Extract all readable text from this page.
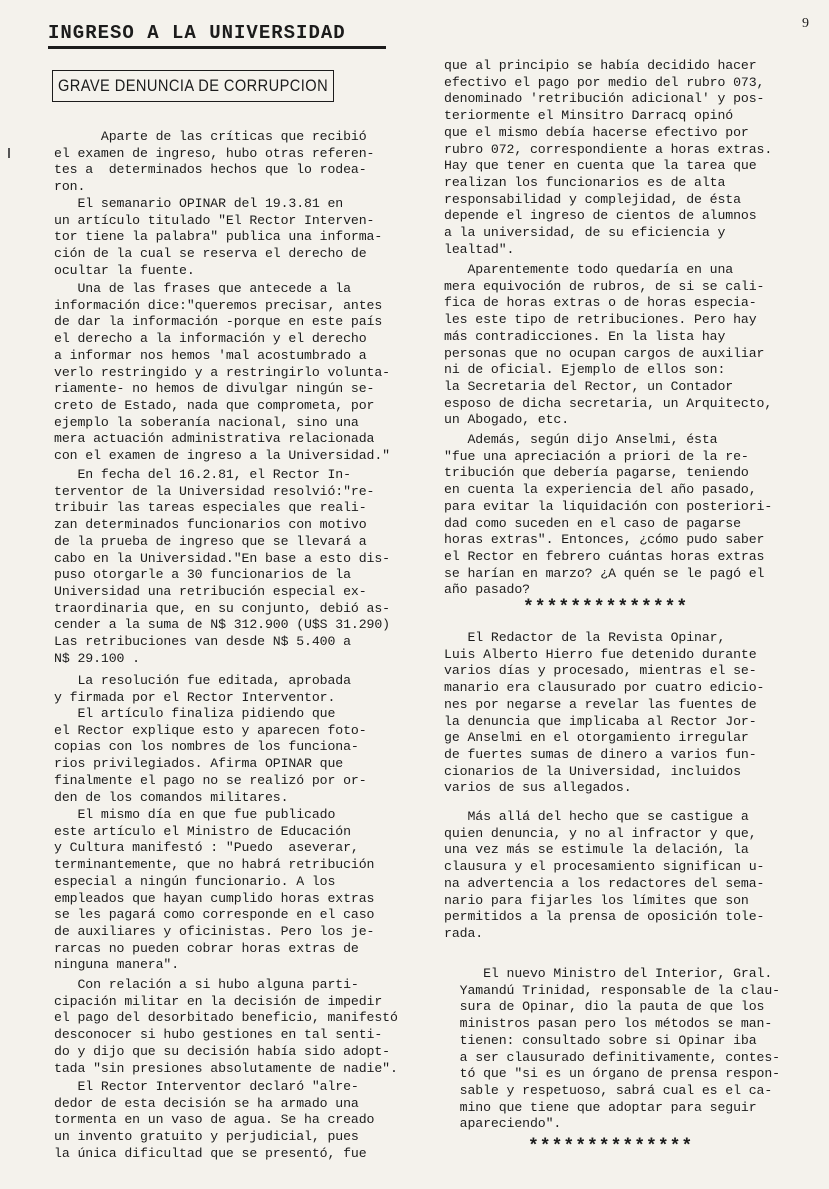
9
INGRESO A LA UNIVERSIDAD
GRAVE DENUNCIA DE CORRUPCION
Aparte de las críticas que recibió
el examen de ingreso, hubo otras referen-
tes a  determinados hechos que lo rodea-
ron.
El semanario OPINAR del 19.3.81 en
un artículo titulado "El Rector Interven-
tor tiene la palabra" publica una informa-
ción de la cual se reserva el derecho de
ocultar la fuente.
Una de las frases que antecede a la
información dice:"queremos precisar, antes
de dar la información -porque en este país
el derecho a la información y el derecho
a informar nos hemos 'mal acostumbrado a
verlo restringido y a restringirlo volunta-
riamente- no hemos de divulgar ningún se-
creto de Estado, nada que comprometa, por
ejemplo la soberanía nacional, sino una
mera actuación administrativa relacionada
con el examen de ingreso a la Universidad."
En fecha del 16.2.81, el Rector In-
terventor de la Universidad resolvió:"re-
tribuir las tareas especiales que reali-
zan determinados funcionarios con motivo
de la prueba de ingreso que se llevará a
cabo en la Universidad."En base a esto dis-
puso otorgarle a 30 funcionarios de la
Universidad una retribución especial ex-
traordinaria que, en su conjunto, debió as-
cender a la suma de N$ 312.900 (U$S 31.290)
Las retribuciones van desde N$ 5.400 a
N$ 29.100 .
La resolución fue editada, aprobada
y firmada por el Rector Interventor.
El artículo finaliza pidiendo que
el Rector explique esto y aparecen foto-
copias con los nombres de los funciona-
rios privilegiados. Afirma OPINAR que
finalmente el pago no se realizó por or-
den de los comandos militares.
El mismo día en que fue publicado
este artículo el Ministro de Educación
y Cultura manifestó : "Puedo  aseverar,
terminantemente, que no habrá retribución
especial a ningún funcionario. A los
empleados que hayan cumplido horas extras
se les pagará como corresponde en el caso
de auxiliares y oficinistas. Pero los je-
rarcas no pueden cobrar horas extras de
ninguna manera".
Con relación a si hubo alguna parti-
cipación militar en la decisión de impedir
el pago del desorbitado beneficio, manifestó
desconocer si hubo gestiones en tal senti-
do y dijo que su decisión había sido adopt-
tada "sin presiones absolutamente de nadie".
El Rector Interventor declaró "alre-
dedor de esta decisión se ha armado una
tormenta en un vaso de agua. Se ha creado
un invento gratuito y perjudicial, pues
la única dificultad que se presentó, fue
que al principio se había decidido hacer
efectivo el pago por medio del rubro 073,
denominado 'retribución adicional' y pos-
teriormente el Minsitro Darracq opinó
que el mismo debía hacerse efectivo por
rubro 072, correspondiente a horas extras.
Hay que tener en cuenta que la tarea que
realizan los funcionarios es de alta
responsabilidad y complejidad, de ésta
depende el ingreso de cientos de alumnos
a la universidad, de su eficiencia y
lealtad".
Aparentemente todo quedaría en una
mera equivoción de rubros, de si se cali-
fica de horas extras o de horas especia-
les este tipo de retribuciones. Pero hay
más contradicciones. En la lista hay
personas que no ocupan cargos de auxiliar
ni de oficial. Ejemplo de ellos son:
la Secretaria del Rector, un Contador
esposo de dicha secretaria, un Arquitecto,
un Abogado, etc.
Además, según dijo Anselmi, ésta
"fue una apreciación a priori de la re-
tribución que debería pagarse, teniendo
en cuenta la experiencia del año pasado,
para evitar la liquidación con posteriori-
dad como suceden en el caso de pagarse
horas extras". Entonces, ¿cómo pudo saber
el Rector en febrero cuántas horas extras
se harían en marzo? ¿A quén se le pagó el
año pasado?
El Redactor de la Revista Opinar,
Luis Alberto Hierro fue detenido durante
varios días y procesado, mientras el se-
manario era clausurado por cuatro edicio-
nes por negarse a revelar las fuentes de
la denuncia que implicaba al Rector Jor-
ge Anselmi en el otorgamiento irregular
de fuertes sumas de dinero a varios fun-
cionarios de la Universidad, incluidos
varios de sus allegados.
Más allá del hecho que se castigue a
quien denuncia, y no al infractor y que,
una vez más se estimule la delación, la
clausura y el procesamiento significan u-
na advertencia a los redactores del sema-
nario para fijarles los límites que son
permitidos a la prensa de oposición tole-
rada.
El nuevo Ministro del Interior, Gral.
Yamandú Trinidad, responsable de la clau-
sura de Opinar, dio la pauta de que los
ministros pasan pero los métodos se man-
tienen: consultado sobre si Opinar iba
a ser clausurado definitivamente, contes-
tó que "si es un órgano de prensa respon-
sable y respetuoso, sabrá cual es el ca-
mino que tiene que adoptar para seguir
apareciendo".
**************
**************
